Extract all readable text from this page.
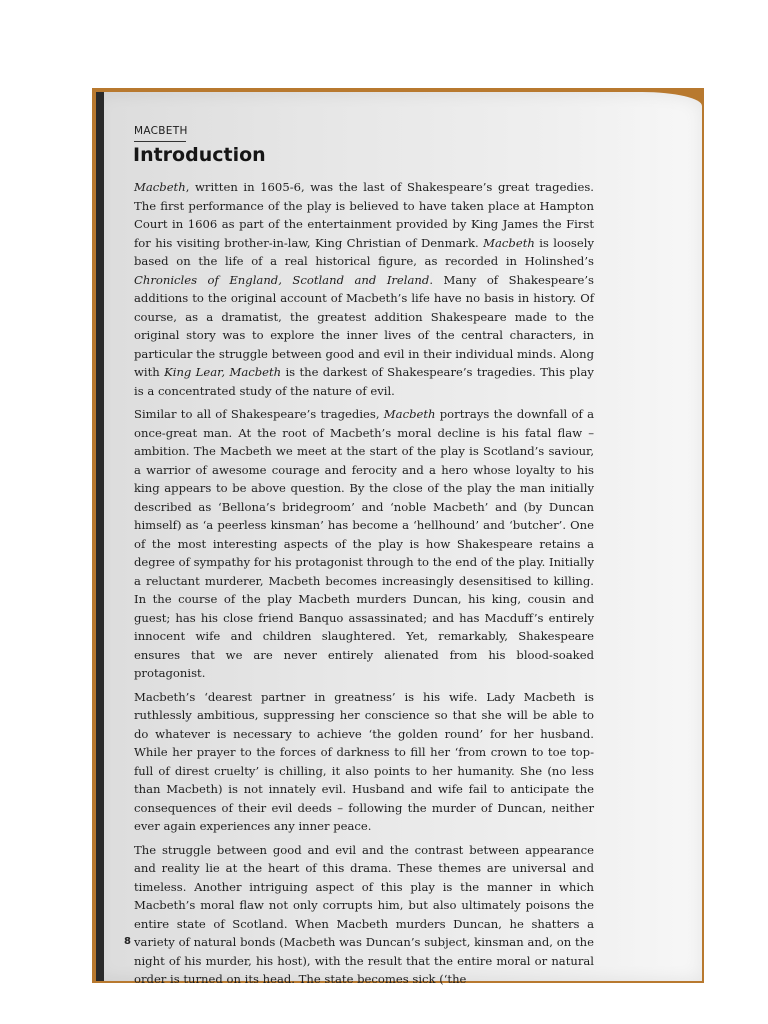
MACBETH
Introduction

Macbeth, written in 1605-6, was the last of Shakespeare’s great tragedies. The first performance of the play is believed to have taken place at Hampton Court in 1606 as part of the entertainment provided by King James the First for his visiting brother-in-law, King Christian of Denmark. Macbeth is loosely based on the life of a real historical figure, as recorded in Holinshed’s Chronicles of England, Scotland and Ireland. Many of Shakespeare’s additions to the original account of Macbeth’s life have no basis in history. Of course, as a dramatist, the greatest addition Shakespeare made to the original story was to explore the inner lives of the central characters, in particular the struggle between good and evil in their individual minds. Along with King Lear, Macbeth is the darkest of Shakespeare’s tragedies. This play is a concentrated study of the nature of evil.

Similar to all of Shakespeare’s tragedies, Macbeth portrays the downfall of a once-great man. At the root of Macbeth’s moral decline is his fatal flaw – ambition. The Macbeth we meet at the start of the play is Scotland’s saviour, a warrior of awesome courage and ferocity and a hero whose loyalty to his king appears to be above question. By the close of the play the man initially described as ‘Bellona’s bridegroom’ and ‘noble Macbeth’ and (by Duncan himself) as ‘a peerless kinsman’ has become a ‘hellhound’ and ‘butcher’. One of the most interesting aspects of the play is how Shakespeare retains a degree of sympathy for his protagonist through to the end of the play. Initially a reluctant murderer, Macbeth becomes increasingly desensitised to killing. In the course of the play Macbeth murders Duncan, his king, cousin and guest; has his close friend Banquo assassinated; and has Macduff’s entirely innocent wife and children slaughtered. Yet, remarkably, Shakespeare ensures that we are never entirely alienated from his blood-soaked protagonist.

Macbeth’s ‘dearest partner in greatness’ is his wife. Lady Macbeth is ruthlessly ambitious, suppressing her conscience so that she will be able to do whatever is necessary to achieve ‘the golden round’ for her husband. While her prayer to the forces of darkness to fill her ‘from crown to toe top-full of direst cruelty’ is chilling, it also points to her humanity. She (no less than Macbeth) is not innately evil. Husband and wife fail to anticipate the consequences of their evil deeds – following the murder of Duncan, neither ever again experiences any inner peace.

The struggle between good and evil and the contrast between appearance and reality lie at the heart of this drama. These themes are universal and timeless. Another intriguing aspect of this play is the manner in which Macbeth’s moral flaw not only corrupts him, but also ultimately poisons the entire state of Scotland. When Macbeth murders Duncan, he shatters a variety of natural bonds (Macbeth was Duncan’s subject, kinsman and, on the night of his murder, his host), with the result that the entire moral or natural order is turned on its head. The state becomes sick (‘the

8
